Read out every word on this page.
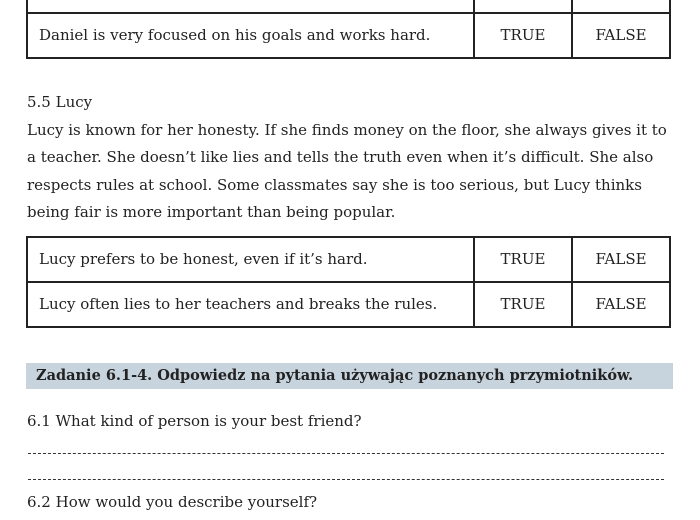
Daniel is very focused on his goals and works hard.	TRUE	FALSE
5.5 Lucy
Lucy is known for her honesty. If she finds money on the floor, she always gives it to a teacher. She doesn’t like lies and tells the truth even when it’s difficult. She also respects rules at school. Some classmates say she is too serious, but Lucy thinks being fair is more important than being popular.
Lucy prefers to be honest, even if it’s hard.	TRUE	FALSE
Lucy often lies to her teachers and breaks the rules.	TRUE	FALSE
Zadanie 6.1-4. Odpowiedz na pytania używając poznanych przymiotników.
6.1 What kind of person is your best friend?
6.2 How would you describe yourself?
